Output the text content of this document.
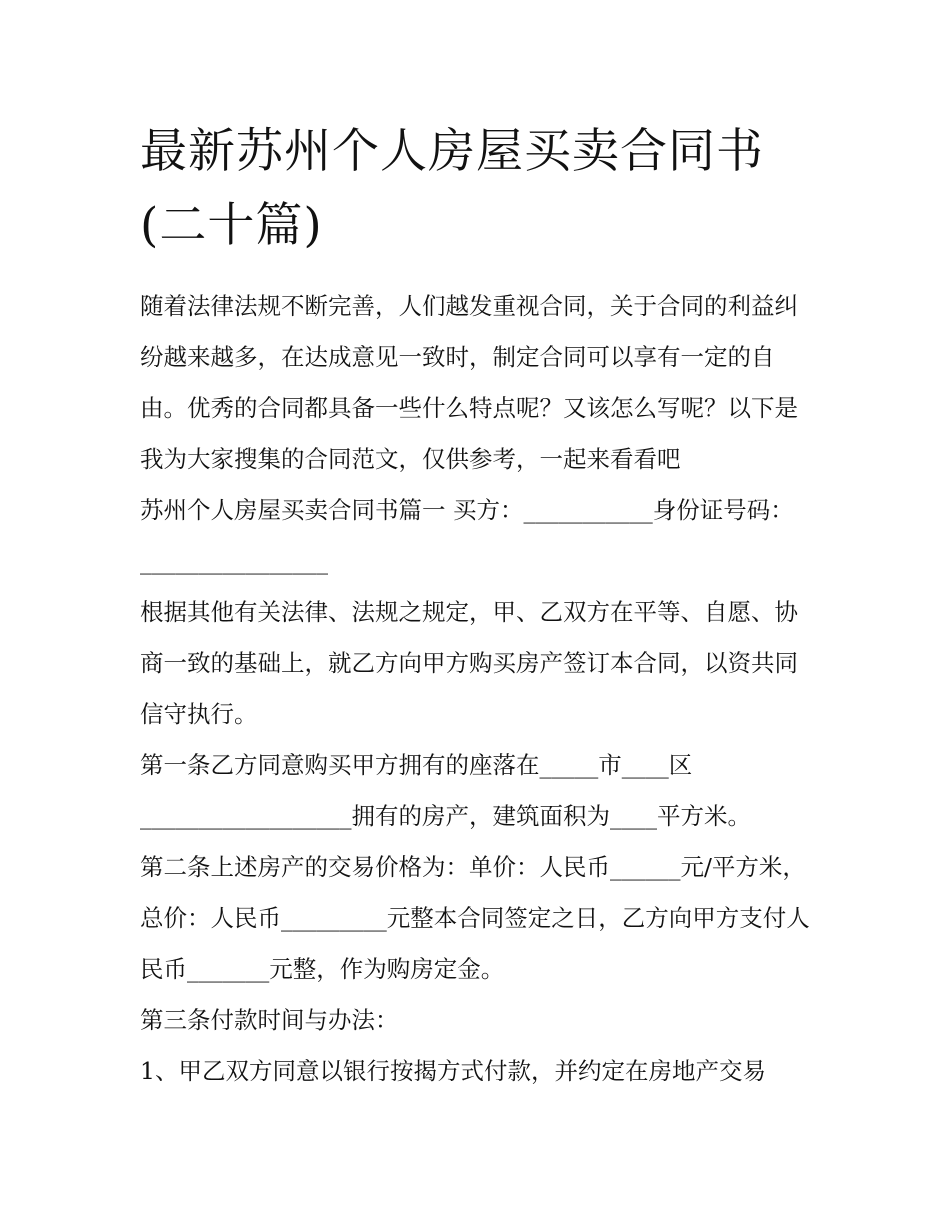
最新苏州个人房屋买卖合同书
(二十篇)

随着法律法规不断完善，人们越发重视合同，关于合同的利益纠纷越来越多，在达成意见一致时，制定合同可以享有一定的自由。优秀的合同都具备一些什么特点呢？又该怎么写呢？以下是我为大家搜集的合同范文，仅供参考，一起来看看吧

苏州个人房屋买卖合同书篇一 买方：___________身份证号码：________________

根据其他有关法律、法规之规定，甲、乙双方在平等、自愿、协商一致的基础上，就乙方向甲方购买房产签订本合同，以资共同信守执行。

第一条乙方同意购买甲方拥有的座落在_____市____区__________________拥有的房产，建筑面积为____平方米。

第二条上述房产的交易价格为：单价：人民币______元/平方米，总价：人民币_________元整本合同签定之日，乙方向甲方支付人民币_______元整，作为购房定金。

第三条付款时间与办法：

1、甲乙双方同意以银行按揭方式付款，并约定在房地产交易
